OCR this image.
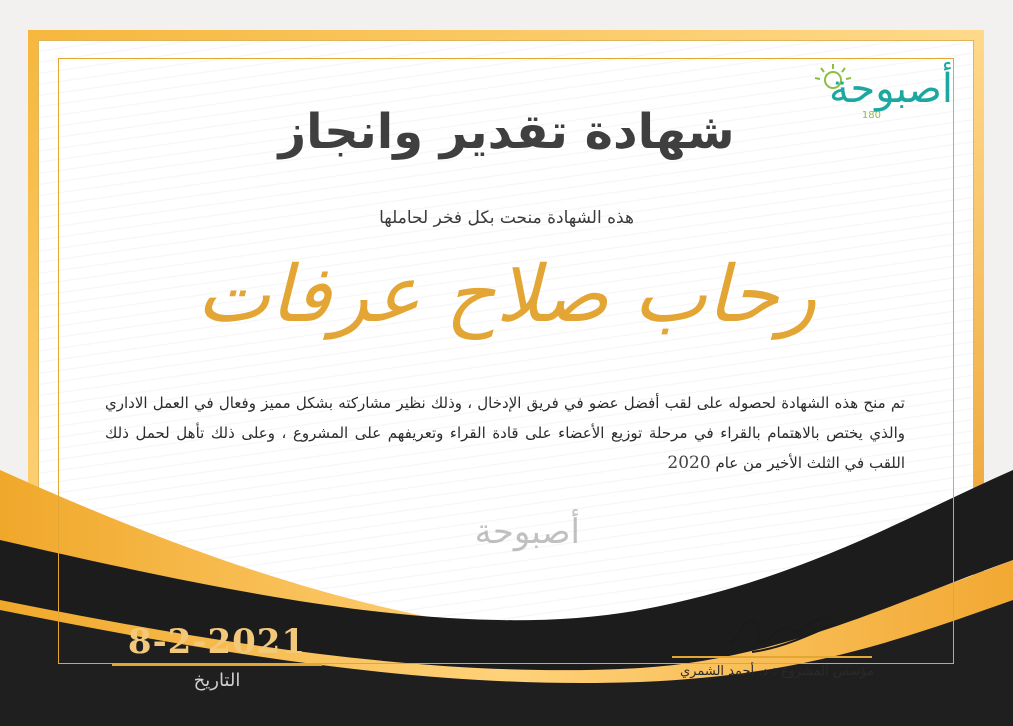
أصبوحة
180
شهادة تقدير وانجاز
هذه الشهادة منحت بكل فخر لحاملها
رحاب صلاح عرفات
تم منح هذه الشهادة لحصوله على لقب أفضل عضو في فريق الإدخال ، وذلك نظير مشاركته بشكل مميز وفعال في العمل الاداري والذي يختص بالاهتمام بالقراء في مرحلة توزيع الأعضاء على قادة القراء وتعريفهم على المشروع ، وعلى ذلك تأهل لحمل ذلك اللقب في الثلث الأخير من عام 2020
أصبوحة
8-2-2021
التاريخ	مؤسس المشروع : د. أحمد الشمري
